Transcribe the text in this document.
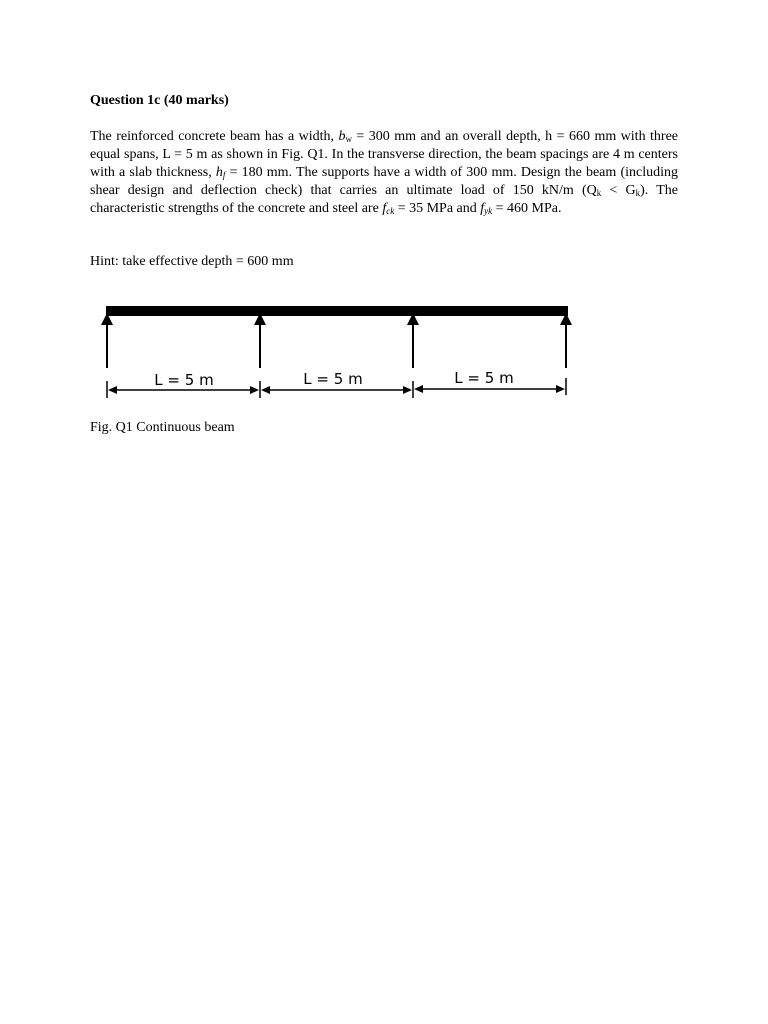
Question 1c (40 marks)
The reinforced concrete beam has a width, $b_w = 300$ mm and an overall depth, h = 660 mm with three equal spans, L = 5 m as shown in Fig. Q1. In the transverse direction, the beam spacings are 4 m centers with a slab thickness, $h_f = 180$ mm. The supports have a width of 300 mm. Design the beam (including shear design and deflection check) that carries an ultimate load of 150 kN/m $(Q_k < G_k)$. The characteristic strengths of the concrete and steel are $f_{ck} = 35$ MPa and $f_{yk} = 460$ MPa.
Hint: take effective depth = 600 mm
L = 5 m	L = 5 m	L = 5 m
Fig. Q1 Continuous beam
